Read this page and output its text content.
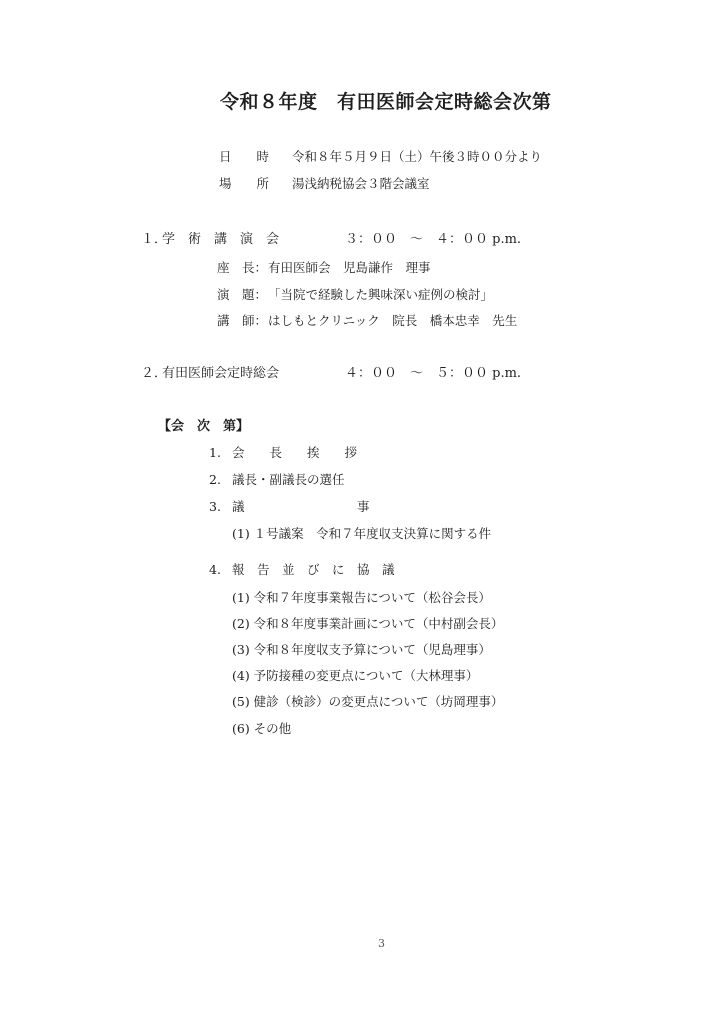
令和８年度　有田医師会定時総会次第
日　　時 令和８年５月９日（土）午後３時００分より
場　　所 湯浅納税協会３階会議室
１．
学　術　講　演　会	３：００　～　４：００ p.m.
座　長： 有田医師会　児島謙作　理事
演　題： 「当院で経験した興味深い症例の検討」
講　師： はしもとクリニック　院長　橋本忠幸　先生
２．
有田医師会定時総会	４：００　～　５：００ p.m.
【会　次　第】
1. 会　　長　　挨　　拶
2. 議長・副議長の選任
3. 議　　　　　　　　　事
(1) １号議案　令和７年度収支決算に関する件
4. 報　告　並　び　に　協　議
(1) 令和７年度事業報告について（松谷会長）
(2) 令和８年度事業計画について（中村副会長）
(3) 令和８年度収支予算について（児島理事）
(4) 予防接種の変更点について（大林理事）
(5) 健診（検診）の変更点について（坊岡理事）
(6) その他
3
